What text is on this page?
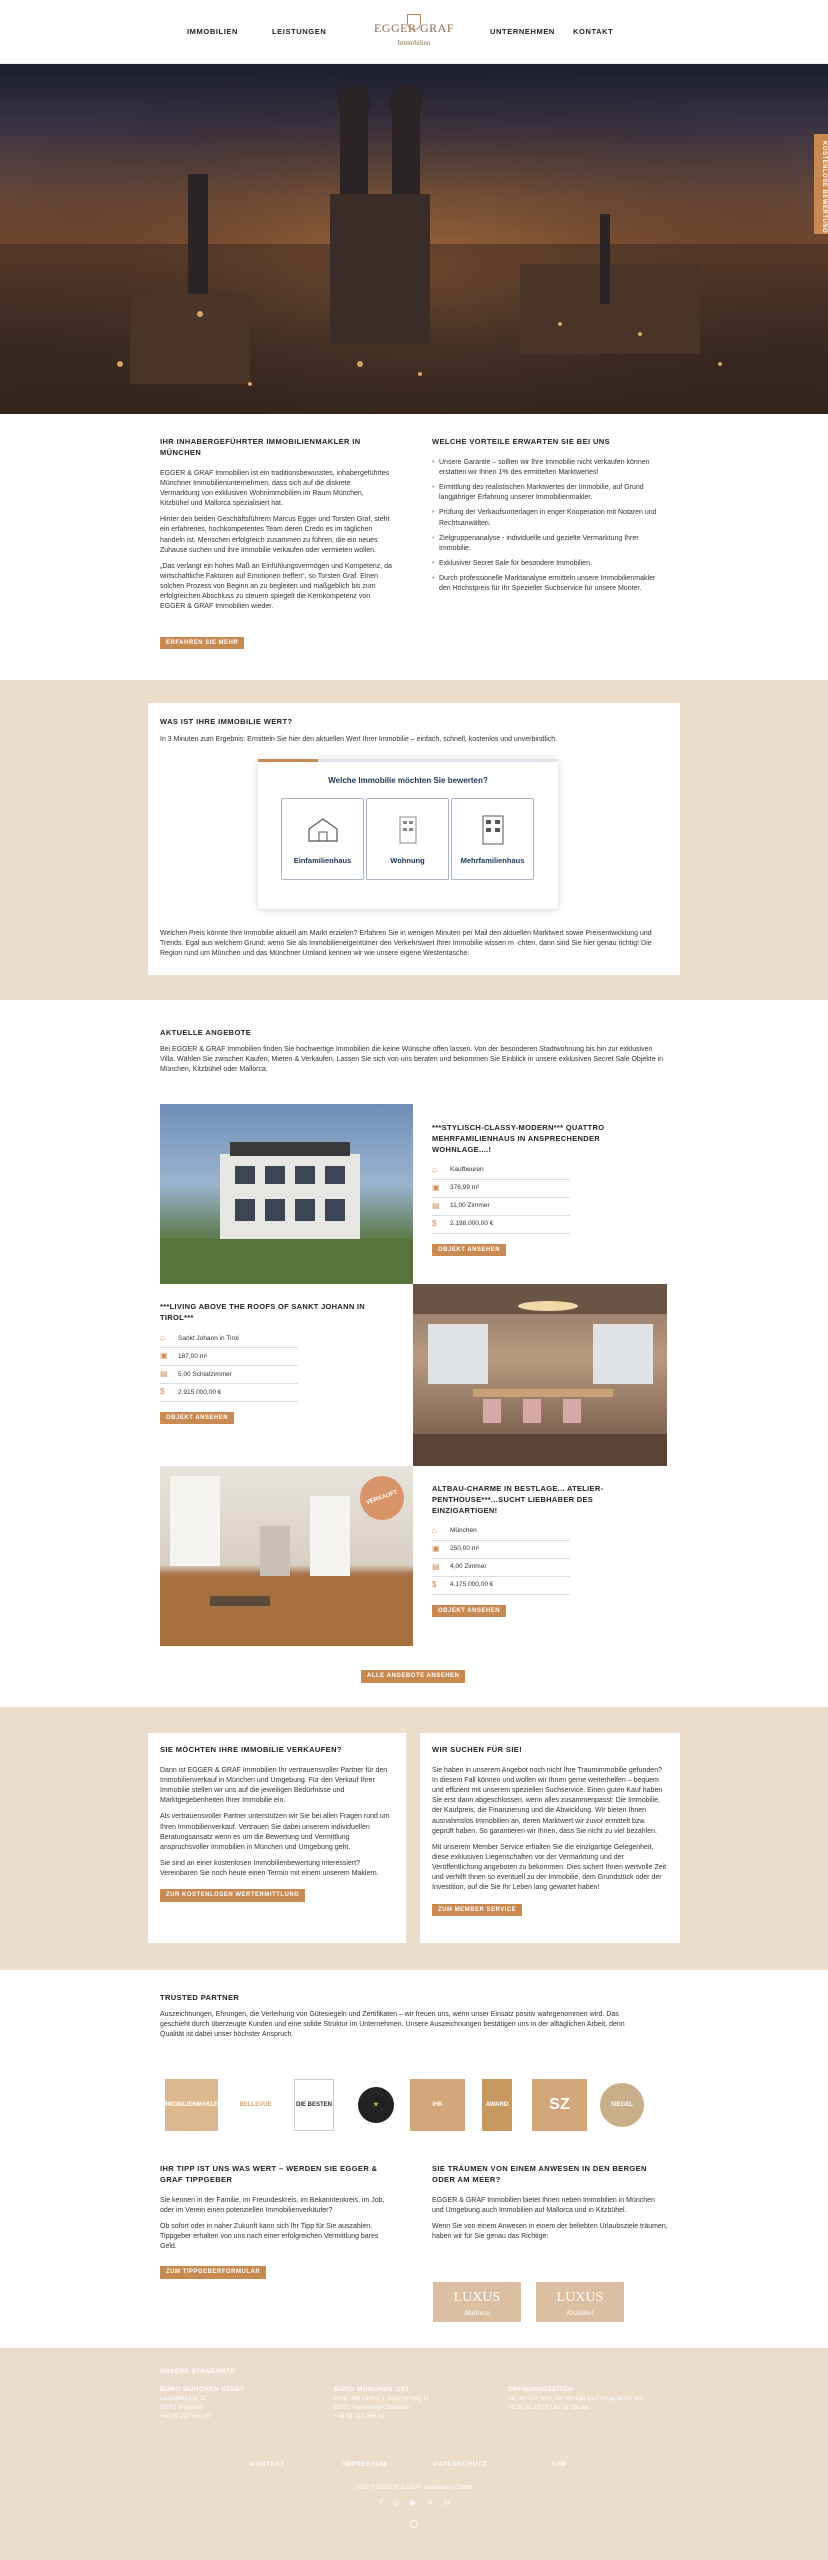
IMMOBILIEN	LEISTUNGEN	EGGER GRAF
Immobilien
UNTERNEHMEN KONTAKT
KOSTENLOSE BEWERTUNG
IHR INHABERGEFÜHRTER IMMOBILIENMAKLER IN MÜNCHEN

EGGER & GRAF Immobilien ist ein traditionsbewusstes, inhabergeführtes Münchner Immobilienunternehmen, dass sich auf die diskrete Vermarktung von exklusiven Wohnimmobilien im Raum München, Kitzbühel und Mallorca spezialisiert hat.

Hinter den beiden Geschäftsführern Marcus Egger und Torsten Graf, steht ein erfahrenes, hochkompetentes Team deren Credo es im täglichen handeln ist, Menschen erfolgreich zusammen zu führen, die ein neues Zuhause suchen und ihre Immobilie verkaufen oder vermieten wollen.

„Das verlangt ein hohes Maß an Einfühlungsvermögen und Kompetenz, da wirtschaftliche Faktoren auf Emotionen treffen“, so Torsten Graf. Einen solchen Prozess von Beginn an zu begleiten und maßgeblich bis zum erfolgreichen Abschluss zu steuern spiegelt die Kernkompetenz von EGGER & GRAF Immobilien wieder.

ERFAHREN SIE MEHR
WELCHE VORTEILE ERWARTEN SIE BEI UNS
• Unsere Garantie – sollten wir Ihre Immobilie nicht verkaufen können erstatten wir Ihnen 1% des ermittelten Marktwertes!
• Ermittlung des realistischen Marktwertes der Immobilie, auf Grund langjähriger Erfahrung unserer Immobilienmakler.
• Prüfung der Verkaufsunterlagen in enger Kooperation mit Notaren und Rechtsanwälten.
• Zielgruppenanalyse - individuelle und gezielte Vermarktung Ihrer Immobilie.
• Exklusiver Secret Sale für besondere Immobilien.
• Durch professionelle Marktanalyse ermitteln unsere Immobilienmakler den Höchstpreis für Ihr Spezieller Suchservice für unsere Monter.
WAS IST IHRE IMMOBILIE WERT?
In 3 Minuten zum Ergebnis: Ermitteln Sie hier den aktuellen Wert Ihrer Immobilie – einfach, schnell, kostenlos und unverbindlich.
Welche Immobilie möchten Sie bewerten?
Einfamilienhaus	Wohnung	Mehrfamilienhaus
Welchen Preis könnte Ihre Immobilie aktuell am Markt erzielen? Erfahren Sie in wenigen Minuten per Mail den aktuellen Marktwert sowie Preisentwicklung und Trends. Egal aus welchem Grund: wenn Sie als Immobilieneigentümer den Verkehrswert Ihrer Immobilie wissen m ·chten, dann sind Sie hier genau richtig! Die Region rund um München und das Münchner Umland kennen wir wie unsere eigene Westentasche.
AKTUELLE ANGEBOTE
Bei EGGER & GRAF Immobilien finden Sie hochwertige Immobilien die keine Wünsche offen lassen. Von der besonderen Stadtwohnung bis hin zur exklusiven Villa. Wählen Sie zwischen Kaufen, Mieten & Verkaufen. Lassen Sie sich von uns beraten und bekommen Sie Einblick in unsere exklusiven Secret Sale Objekte in München, Kitzbühel oder Mallorca.
***STYLISCH-CLASSY-MODERN*** QUATTRO MEHRFAMILIENHAUS IN ANSPRECHENDER WOHNLAGE....!
⌂	Kaufbeuren
▣	376,99 m²
▤	11,00 Zimmer
$	2.198.000,00 €
OBJEKT ANSEHEN
***LIVING ABOVE THE ROOFS OF SANKT JOHANN IN TIROL***
⌂	Sankt Johann in Tirol
▣	187,00 m²
▤	5,00 Schlafzimmer
$	2.915.000,00 €
OBJEKT ANSEHEN
VERKAUFT
ALTBAU-CHARME IN BESTLAGE... ATELIER-PENTHOUSE***...SUCHT LIEBHABER DES EINZIGARTIGEN!
⌂	München
▣	250,00 m²
▤	4,00 Zimmer
$	4.175.000,00 €
OBJEKT ANSEHEN
ALLE ANGEBOTE ANSEHEN
SIE MÖCHTEN IHRE IMMOBILIE VERKAUFEN?

Dann ist EGGER & GRAF Immobilien Ihr vertrauensvoller Partner für den Immobilienverkauf in München und Umgebung. Für den Verkauf Ihrer Immobilie stellen wir uns auf die jeweiligen Bedürfnisse und Marktgegebenheiten Ihrer Immobilie ein.

Als vertrauensvoller Partner unterstützen wir Sie bei allen Fragen rund um Ihren Immobilienverkauf. Vertrauen Sie dabei unserem individuellen Beratungsansatz wenn es um die Bewertung und Vermittlung anspruchsvoller Immobilien in München und Umgebung geht.

Sie sind an einer kostenlosen Immobilienbewertung interessiert? Vereinbaren Sie noch heute einen Termin mit einem unserem Maklern.

ZUR KOSTENLOSEN WERTERMITTLUNG
WIR SUCHEN FÜR SIE!

Sie haben in unserem Angebot noch nicht Ihre Traumimmobilie gefunden? In diesem Fall können und wollen wir Ihnen gerne weiterhelfen – bequem und effizient mit unserem speziellen Suchservice. Einen guten Kauf haben Sie erst dann abgeschlossen, wenn alles zusammenpasst: Die Immobilie, der Kaufpreis, die Finanzierung und die Abwicklung. Wir bieten Ihnen ausnahmslos Immobilien an, deren Marktwert wir zuvor ermittelt bzw. geprüft haben. So garantieren wir Ihnen, dass Sie nicht zu viel bezahlen.

Mit unserem Member Service erhalten Sie die einzigartige Gelegenheit, diese exklusiven Liegenschaften vor der Vermarktung und der Veröffentlichung angeboten zu bekommen. Dies sichert Ihnen wertvolle Zeit und verhilft Ihnen so eventuell zu der Immobilie, dem Grundstück oder der Investition, auf die Sie Ihr Leben lang gewartet haben!

ZUM MEMBER SERVICE
TRUSTED PARTNER
Auszeichnungen, Ehrungen, die Verleihung von Gütesiegeln und Zertifikaten – wir freuen uns, wenn unser Einsatz positiv wahrgenommen wird. Das geschieht durch überzeugte Kunden und eine solide Struktur im Unternehmen. Unsere Auszeichnungen bestätigen uns in der alltäglichen Arbeit, denn Qualität ist dabei unser höchster Anspruch.
IMMOBILIENMAKLER	BELLEVUE	DIE BESTEN	★	IHK	AWARD	SZ	SIEGEL
IHR TIPP IST UNS WAS WERT – WERDEN SIE EGGER & GRAF TIPPGEBER

Sie kennen in der Familie, im Freundeskreis, im Bekanntenkreis, im Job, oder im Verein einen potenziellen Immobilienverkäufer?

Ob sofort oder in naher Zukunft kann sich Ihr Tipp für Sie auszahlen. Tippgeber erhalten von uns nach einer erfolgreichen Vermittlung bares Geld.

ZUM TIPPGEBERFORMULAR
SIE TRÄUMEN VON EINEM ANWESEN IN DEN BERGEN ODER AM MEER?

EGGER & GRAF Immobilien bietet Ihnen neben Immobilien in München und Umgebung auch Immobilien auf Mallorca und in Kitzbühel.

Wenn Sie von einem Anwesen in einem der beliebten Urlaubsziele träumen, haben wir für Sie genau das Richtige:

LUXUS
Mallorca
LUXUS
Kitzbühel
UNSERE STANDORTE
BÜRO MÜNCHEN STADT
Leopoldstraße 11
80802 München
+49 89 217 466 30
BÜRO MÜNCHEN OST
Unter den Linden 1 (Lärchenweg 1)
85521 Riemerling-Ottobrunn
+49 89 217 466 30
ÖFFNUNGSZEITEN
Mit uns nur nach von Montag bis Freitag durch von
08:00 bis 19:00 Uhr für Sie da.
KONTAKT	IMPRESSUM	DATENSCHUTZ	AGB
2022 © EGGER & GRAF Immobilien GmbH
f ◎ ▶ ✕ in
